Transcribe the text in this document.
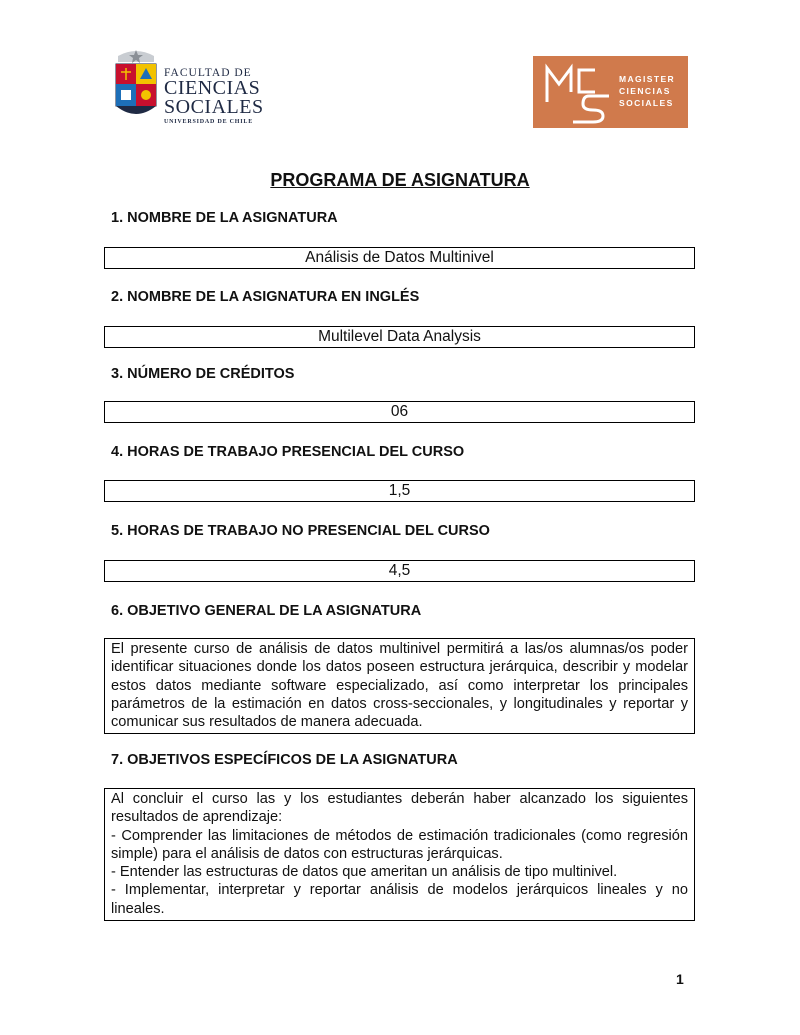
FACULTAD DE
CIENCIAS
SOCIALES
UNIVERSIDAD DE CHILE
MAGISTER
CIENCIAS
SOCIALES
PROGRAMA DE ASIGNATURA
1. NOMBRE DE LA ASIGNATURA
Análisis de Datos Multinivel
2. NOMBRE DE LA ASIGNATURA EN INGLÉS
Multilevel Data Analysis
3. NÚMERO DE CRÉDITOS
06
4. HORAS DE TRABAJO PRESENCIAL DEL CURSO
1,5
5. HORAS DE TRABAJO NO PRESENCIAL DEL CURSO
4,5
6. OBJETIVO GENERAL DE LA ASIGNATURA

El presente curso de análisis de datos multinivel permitirá a las/os alumnas/os poder identificar situaciones donde los datos poseen estructura jerárquica, describir y modelar estos datos mediante software especializado, así como interpretar los principales parámetros de la estimación en datos cross-seccionales, y longitudinales y reportar y comunicar sus resultados de manera adecuada.

7. OBJETIVOS ESPECÍFICOS DE LA ASIGNATURA

Al concluir el curso las y los estudiantes deberán haber alcanzado los siguientes resultados de aprendizaje:

- Comprender las limitaciones de métodos de estimación tradicionales (como regresión simple) para el análisis de datos con estructuras jerárquicas.

- Entender las estructuras de datos que ameritan un análisis de tipo multinivel.

- Implementar, interpretar y reportar análisis de modelos jerárquicos lineales y no lineales.

1
